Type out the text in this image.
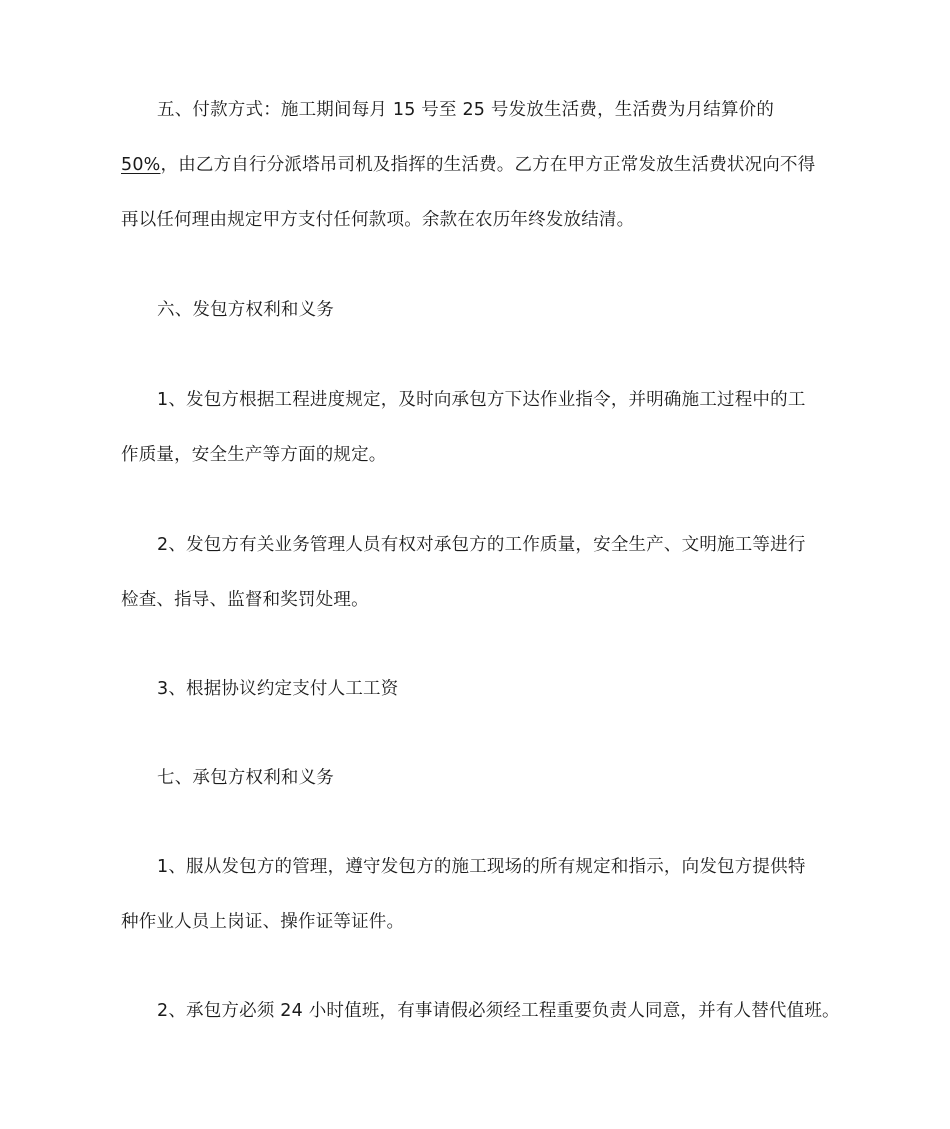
五、付款方式：施工期间每月 15 号至 25 号发放生活费，生活费为月结算价的
50%，由乙方自行分派塔吊司机及指挥的生活费。乙方在甲方正常发放生活费状况向不得
再以任何理由规定甲方支付任何款项。余款在农历年终发放结清。
六、发包方权利和义务
1、发包方根据工程进度规定，及时向承包方下达作业指令，并明确施工过程中的工
作质量，安全生产等方面的规定。
2、发包方有关业务管理人员有权对承包方的工作质量，安全生产、文明施工等进行
检查、指导、监督和奖罚处理。
3、根据协议约定支付人工工资
七、承包方权利和义务
1、服从发包方的管理，遵守发包方的施工现场的所有规定和指示，向发包方提供特
种作业人员上岗证、操作证等证件。
2、承包方必须 24 小时值班，有事请假必须经工程重要负责人同意，并有人替代值班。
